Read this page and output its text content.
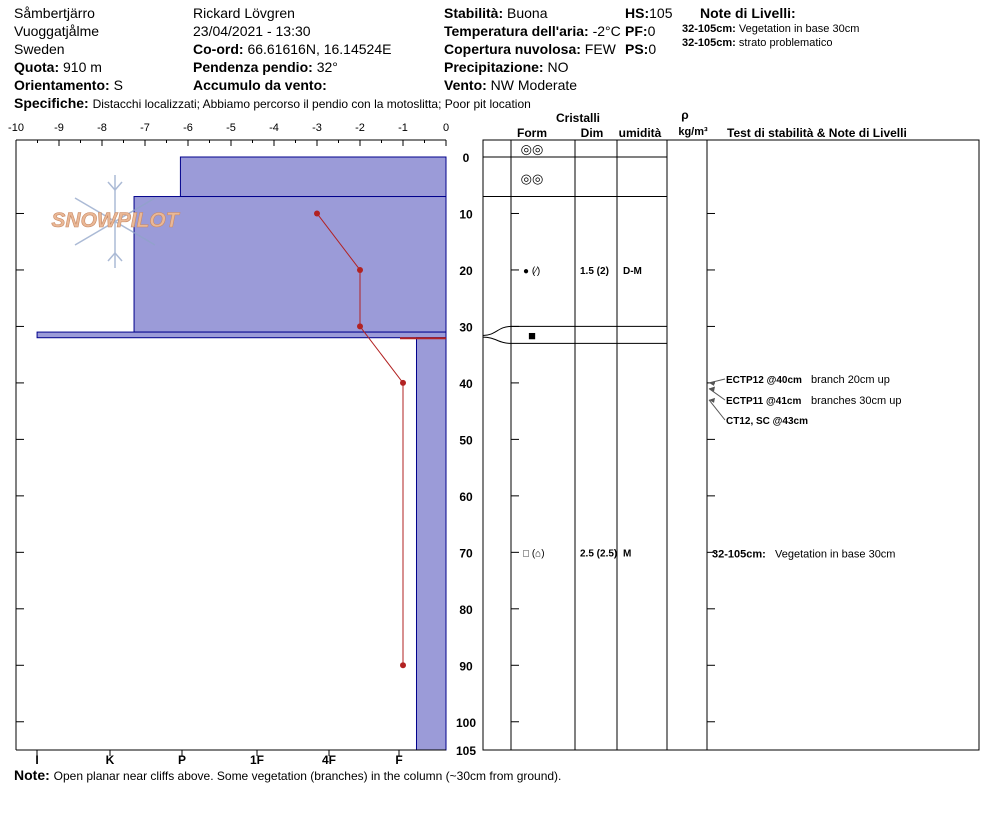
Såmbertjärro
Vuoggatjålme
Sweden
Quota: 910 m
Orientamento: S
Specifiche: Distacchi localizzati; Abbiamo percorso il pendio con la motoslitta; Poor pit location
Rickard Lövgren
23/04/2021 - 13:30
Co-ord: 66.61616N, 16.14524E
Pendenza pendio: 32°
Accumulo da vento:
Stabilità: Buona
Temperatura dell'aria: -2°C
Copertura nuvolosa: FEW
Precipitazione: NO
Vento: NW Moderate
HS:105
PF:0
PS:0
Note di Livelli:
32-105cm: Vegetation in base 30cm
32-105cm: strato problematico
SNOWPILOT
-10	-9	-8	-7	-6	-5	-4	-3	-2	-1	0
I	K	P	1F	4F	F
0
10
20
30
40
50
60
70
80
90
100
105
Cristalli
Form	Dim umidità
ρ
kg/m³ Test di stabilità & Note di Livelli
◎◎
◎◎
■
● (∕)	1.5 (2) D-M
□ (⌂)	2.5 (2.5) M
ECTP12 @40cm branch 20cm up
ECTP11 @41cm branches 30cm up
CT12, SC @43cm
32-105cm: Vegetation in base 30cm
Note: Open planar near cliffs above. Some vegetation (branches) in the column (~30cm from ground).
